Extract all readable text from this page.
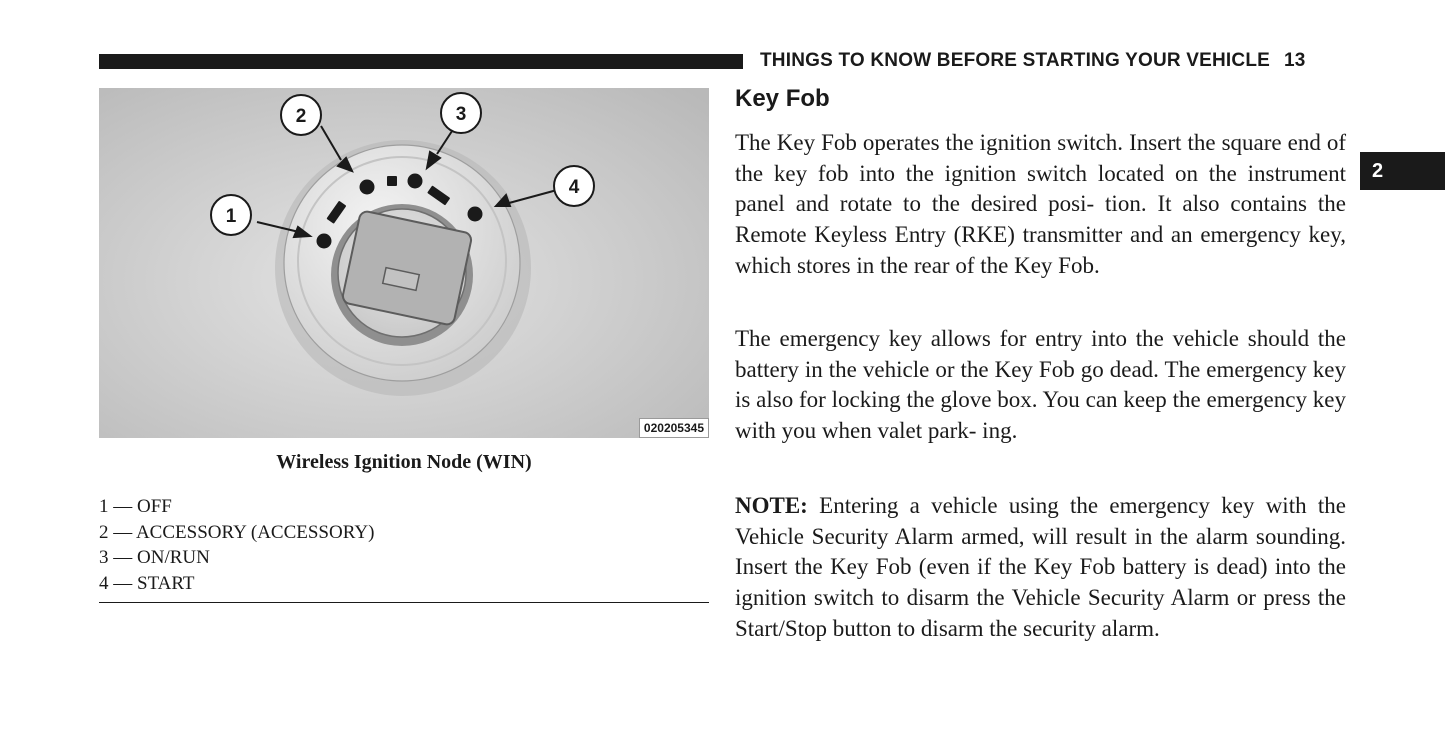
THINGS TO KNOW BEFORE STARTING YOUR VEHICLE 13
2
1
2	3
4
020205345
Wireless Ignition Node (WIN)
1 — OFF
2 — ACCESSORY (ACCESSORY)
3 — ON/RUN
4 — START
Key Fob

The Key Fob operates the ignition switch. Insert the square end of the key fob into the ignition switch located on the instrument panel and rotate to the desired posi- tion. It also contains the Remote Keyless Entry (RKE) transmitter and an emergency key, which stores in the rear of the Key Fob.

The emergency key allows for entry into the vehicle should the battery in the vehicle or the Key Fob go dead. The emergency key is also for locking the glove box. You can keep the emergency key with you when valet park- ing.

NOTE: Entering a vehicle using the emergency key with the Vehicle Security Alarm armed, will result in the alarm sounding. Insert the Key Fob (even if the Key Fob battery is dead) into the ignition switch to disarm the Vehicle Security Alarm or press the Start/Stop button to disarm the security alarm.
